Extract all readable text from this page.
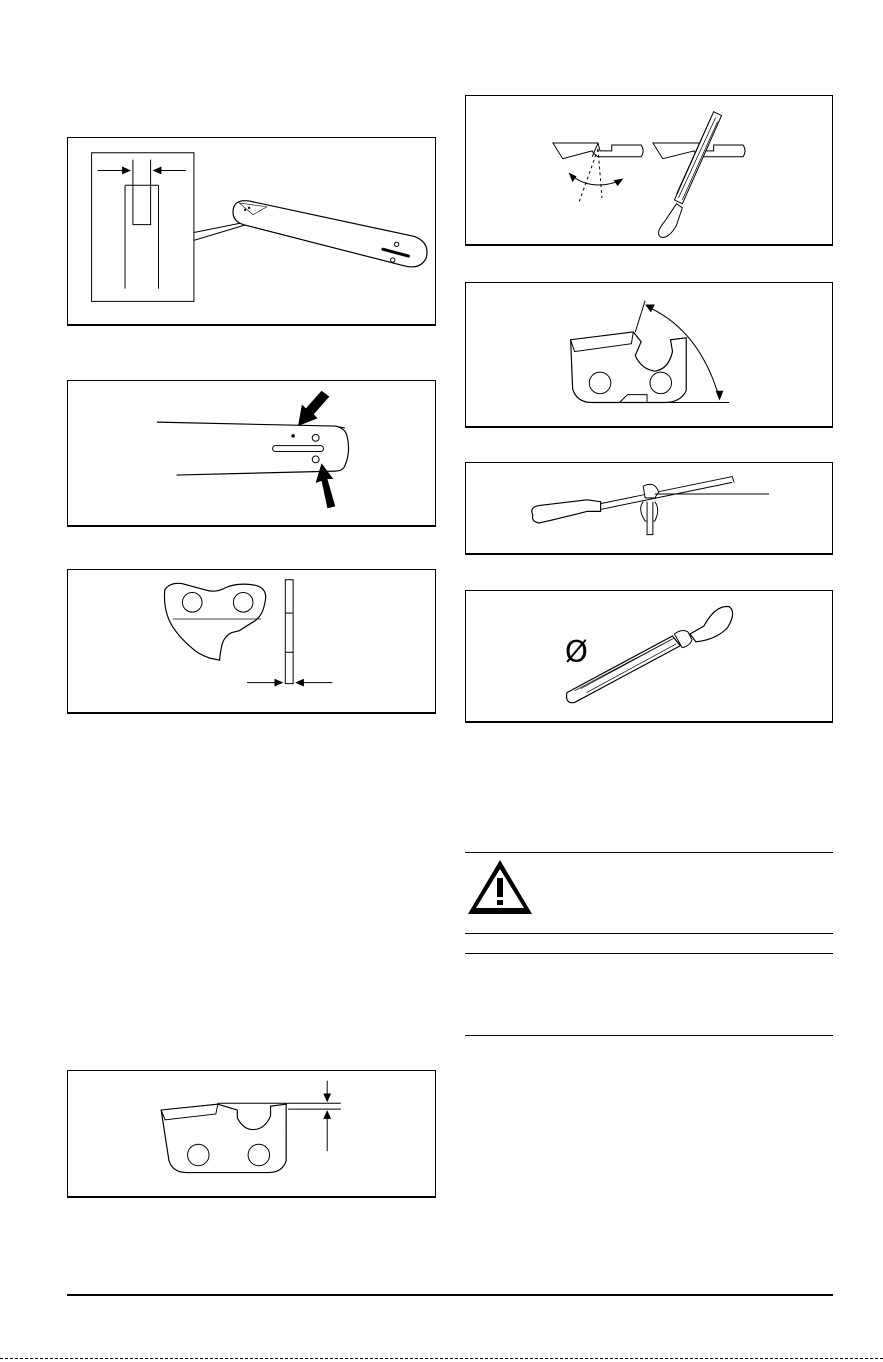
Ø
